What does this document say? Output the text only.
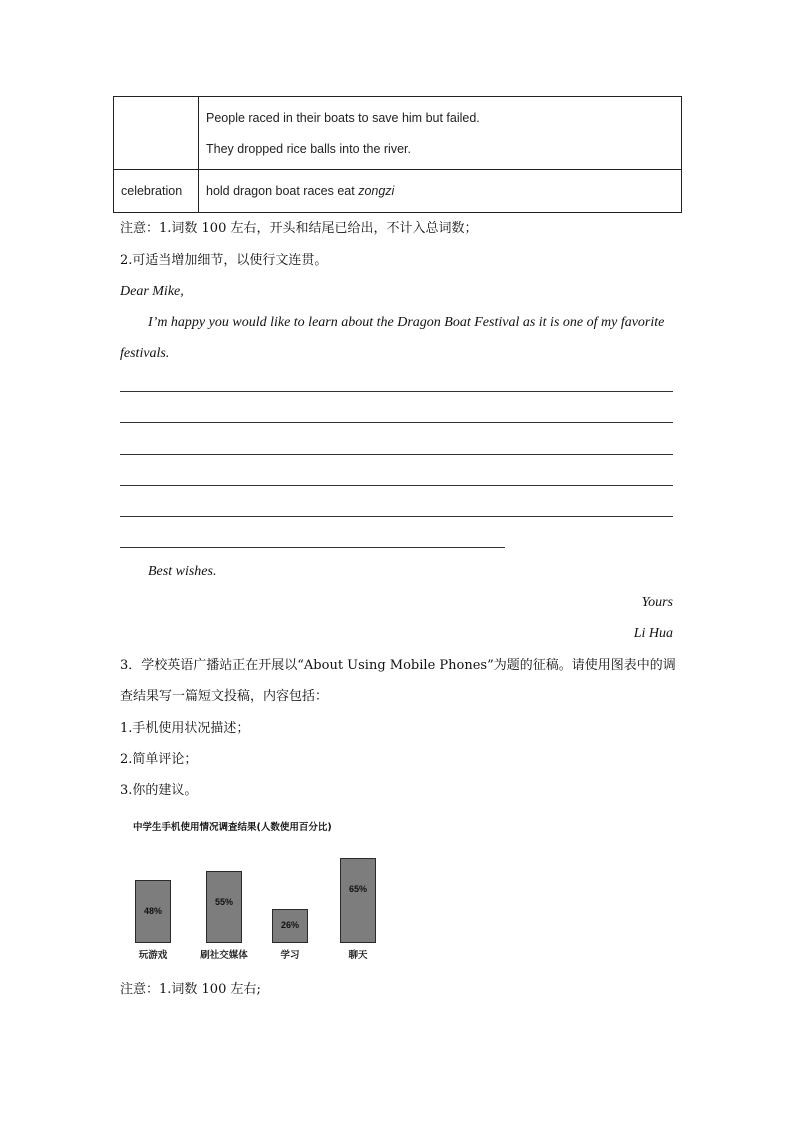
	People raced in their boats to save him but failed.
They dropped rice balls into the river.

celebration	hold dragon boat races eat zongzi
注意：1.词数 100 左右，开头和结尾已给出，不计入总词数；
2.可适当增加细节，以使行文连贯。
Dear Mike,
I’m happy you would like to learn about the Dragon Boat Festival as it is one of my favorite
festivals.
Best wishes.
Yours
Li Hua
3．学校英语广播站正在开展以“About Using Mobile Phones”为题的征稿。请使用图表中的调
查结果写一篇短文投稿，内容包括：
1.手机使用状况描述；
2.简单评论；
3.你的建议。
中学生手机使用情况调查结果(人数使用百分比)
48%
玩游戏
55%
刷社交媒体
26%
学习
65%
聊天
注意：1.词数 100 左右;
